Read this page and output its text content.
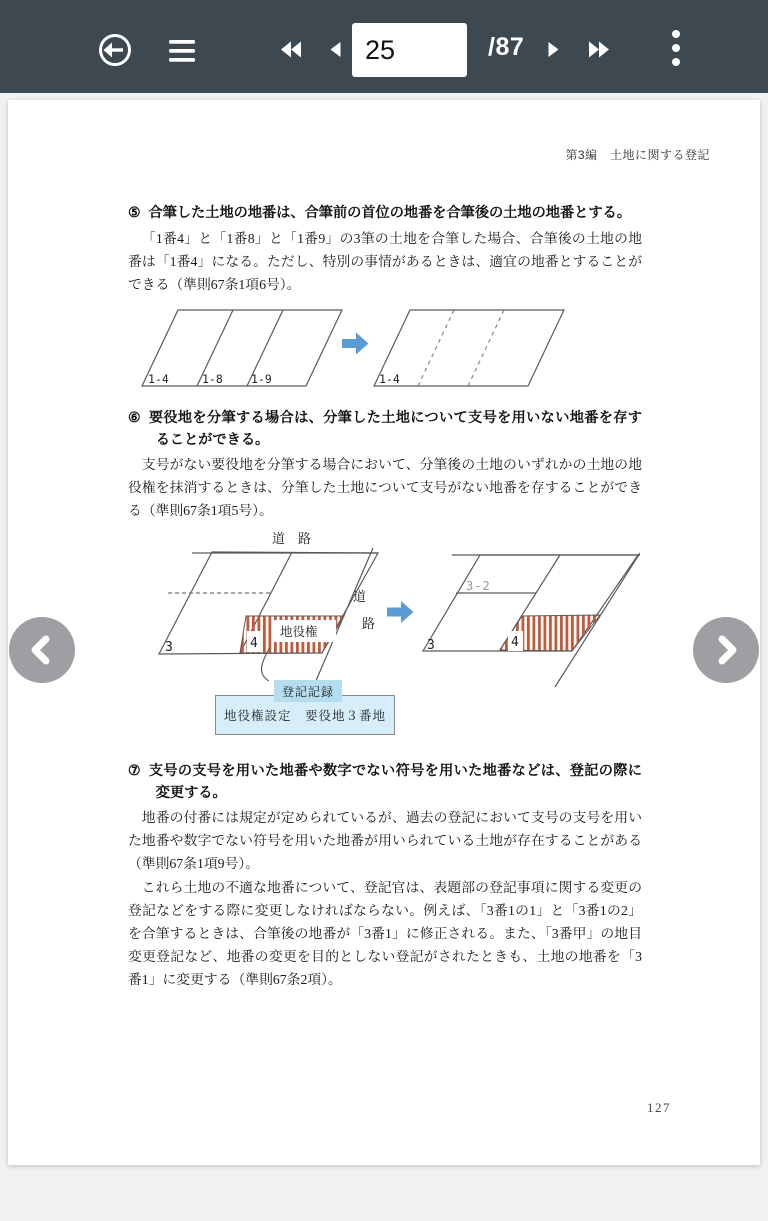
25
/87
第3編　土地に関する登記

⑤ 合筆した土地の地番は、合筆前の首位の地番を合筆後の土地の地番とする。

「1番4」と「1番8」と「1番9」の3筆の土地を合筆した場合、合筆後の土地の地番は「1番4」になる。ただし、特別の事情があるときは、適宜の地番とすることができる（準則67条1項6号）。

1-4	1-8 1-9	1-4

⑥ 要役地を分筆する場合は、分筆した土地について支号を用いない地番を存することができる。

支号がない要役地を分筆する場合において、分筆後の土地のいずれかの土地の地役権を抹消するときは、分筆した土地について支号がない地番を存することができる（準則67条1項5号）。

道　路
道
路
3	4
地役権
3	4
3-2
地役権設定　要役地３番地
登記記録

⑦ 支号の支号を用いた地番や数字でない符号を用いた地番などは、登記の際に変更する。

地番の付番には規定が定められているが、過去の登記において支号の支号を用いた地番や数字でない符号を用いた地番が用いられている土地が存在することがある（準則67条1項9号）。

これら土地の不適な地番について、登記官は、表題部の登記事項に関する変更の登記などをする際に変更しなければならない。例えば、「3番1の1」と「3番1の2」を合筆するときは、合筆後の地番が「3番1」に修正される。また、「3番甲」の地目変更登記など、地番の変更を目的としない登記がされたときも、土地の地番を「3番1」に変更する（準則67条2項）。

127
